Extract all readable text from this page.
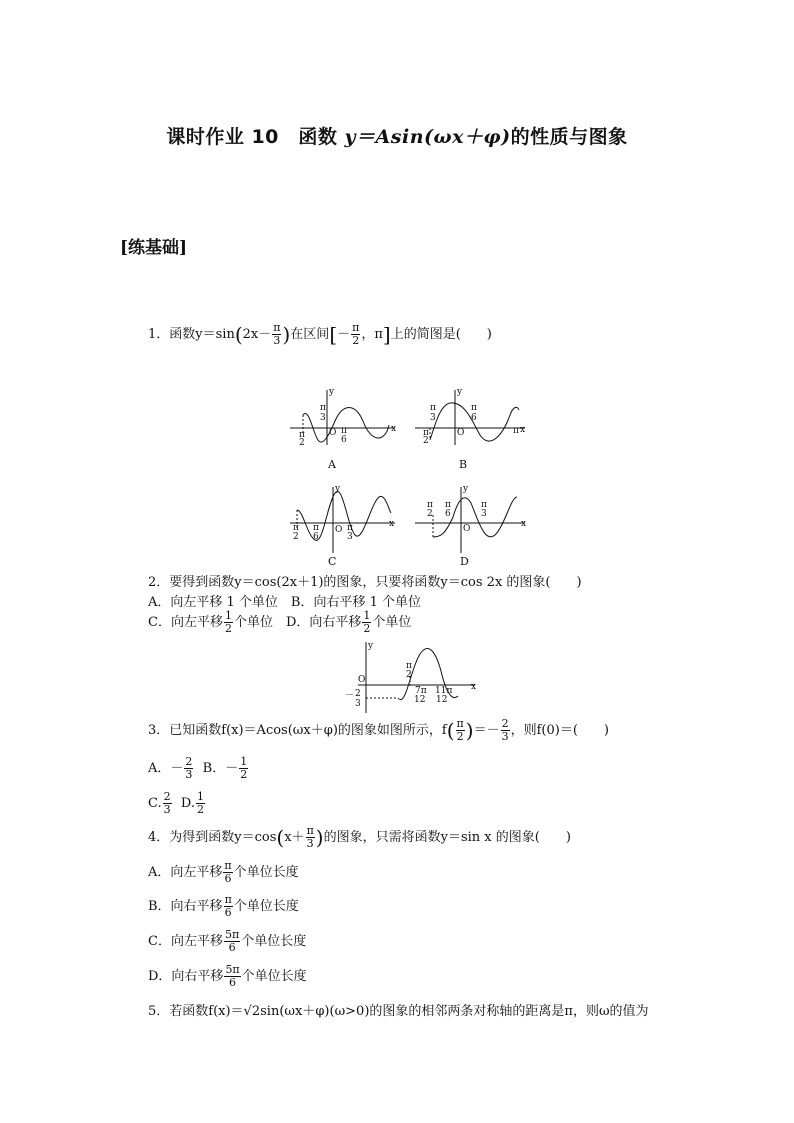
课时作业 10　函数 y＝Asin(ωx＋φ)的性质与图象
[练基础]
1．函数$y=\sin(2x- \frac{\pi}{3}$ )在区间[－ $\frac{\pi}{2}$ ，π]上的简图是(　　)
π
3
π
2
O π
6
y
x
A
π
3
π
6
π
2
O	π
y
x
B
π
2
π
6
O π
3
y
x
C
π
2
π
6
O
π
3
y
x
D
2．要得到函数y＝cos(2x＋1)的图象，只要将函数y＝cos 2x 的图象(　　)
A．向左平移 1 个单位　B．向右平移 1 个单位
C．向左平移 $\frac{1}{2}$ 个单位　D．向右平移 $\frac{1}{2}$ 个单位
y
x
O
π
2
7π
12
11π
12
－ 2
3
3．已知函数f(x)＝Acos(ωx＋φ)的图象如图所示，$f( \frac{\pi}{2}$ )＝－ $\frac{2}{3}$ ，则f(0)＝(　　)
A．－ $\frac{2}{3}$ B．－ $\frac{1}{2}$
C. $\frac{2}{3} D$. $\frac{1}{2}$
4．为得到函数$y=\cos(x+ \frac{\pi}{3}$ )的图象，只需将函数y＝sin x 的图象(　　)
A．向左平移 $\frac{\pi}{6}$ 个单位长度
B．向右平移 $\frac{\pi}{6}$ 个单位长度
C．向左平移 $\frac{5\pi}{6}$ 个单位长度
D．向右平移 $\frac{5\pi}{6}$ 个单位长度
5．若函数f(x)＝√2sin(ωx＋φ)(ω>0)的图象的相邻两条对称轴的距离是π，则ω的值为
